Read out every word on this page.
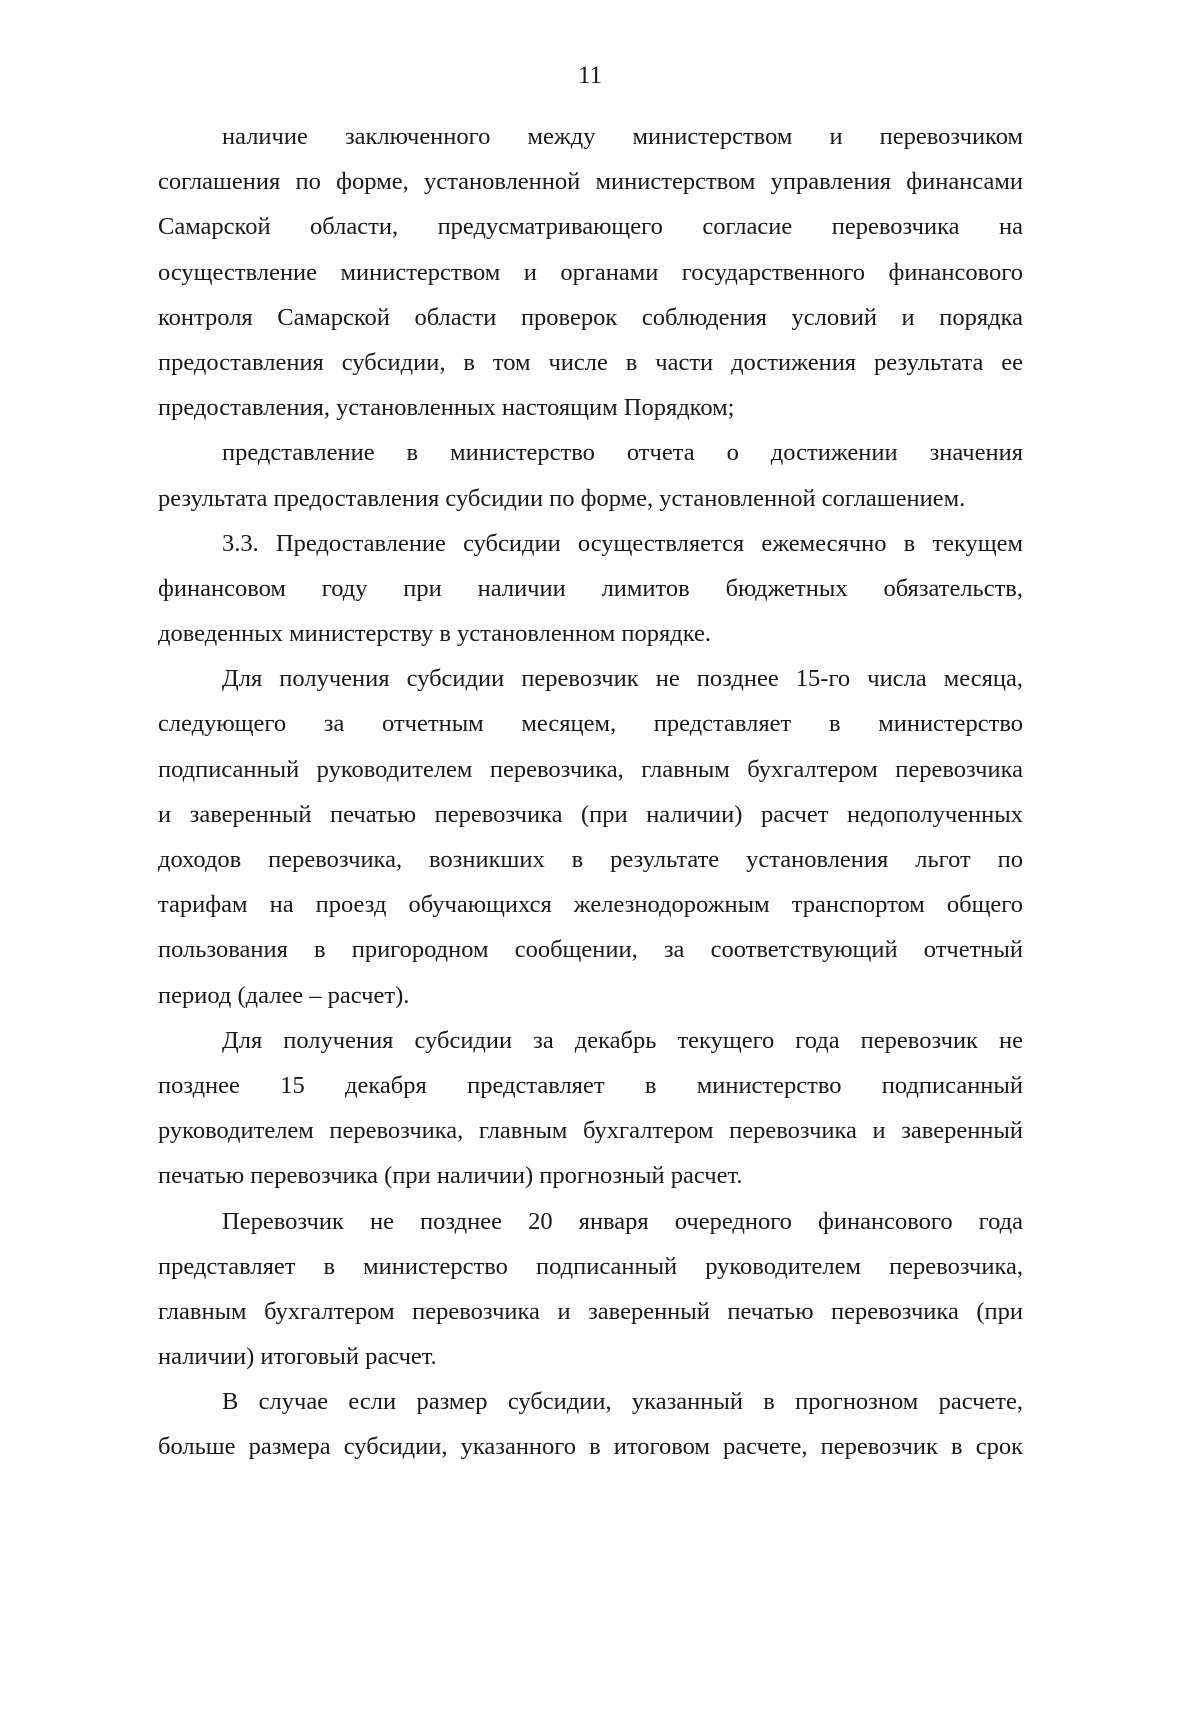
11
наличие заключенного между министерством и перевозчиком
соглашения по форме, установленной министерством управления финансами
Самарской области, предусматривающего согласие перевозчика на
осуществление министерством и органами государственного финансового
контроля Самарской области проверок соблюдения условий и порядка
предоставления субсидии, в том числе в части достижения результата ее
предоставления, установленных настоящим Порядком;
представление в министерство отчета о достижении значения
результата предоставления субсидии по форме, установленной соглашением.
3.3. Предоставление субсидии осуществляется ежемесячно в текущем
финансовом году при наличии лимитов бюджетных обязательств,
доведенных министерству в установленном порядке.
Для получения субсидии перевозчик не позднее 15-го числа месяца,
следующего за отчетным месяцем, представляет в министерство
подписанный руководителем перевозчика, главным бухгалтером перевозчика
и заверенный печатью перевозчика (при наличии) расчет недополученных
доходов перевозчика, возникших в результате установления льгот по
тарифам на проезд обучающихся железнодорожным транспортом общего
пользования в пригородном сообщении, за соответствующий отчетный
период (далее – расчет).
Для получения субсидии за декабрь текущего года перевозчик не
позднее 15 декабря представляет в министерство подписанный
руководителем перевозчика, главным бухгалтером перевозчика и заверенный
печатью перевозчика (при наличии) прогнозный расчет.
Перевозчик не позднее 20 января очередного финансового года
представляет в министерство подписанный руководителем перевозчика,
главным бухгалтером перевозчика и заверенный печатью перевозчика (при
наличии) итоговый расчет.
В случае если размер субсидии, указанный в прогнозном расчете,
больше размера субсидии, указанного в итоговом расчете, перевозчик в срок
